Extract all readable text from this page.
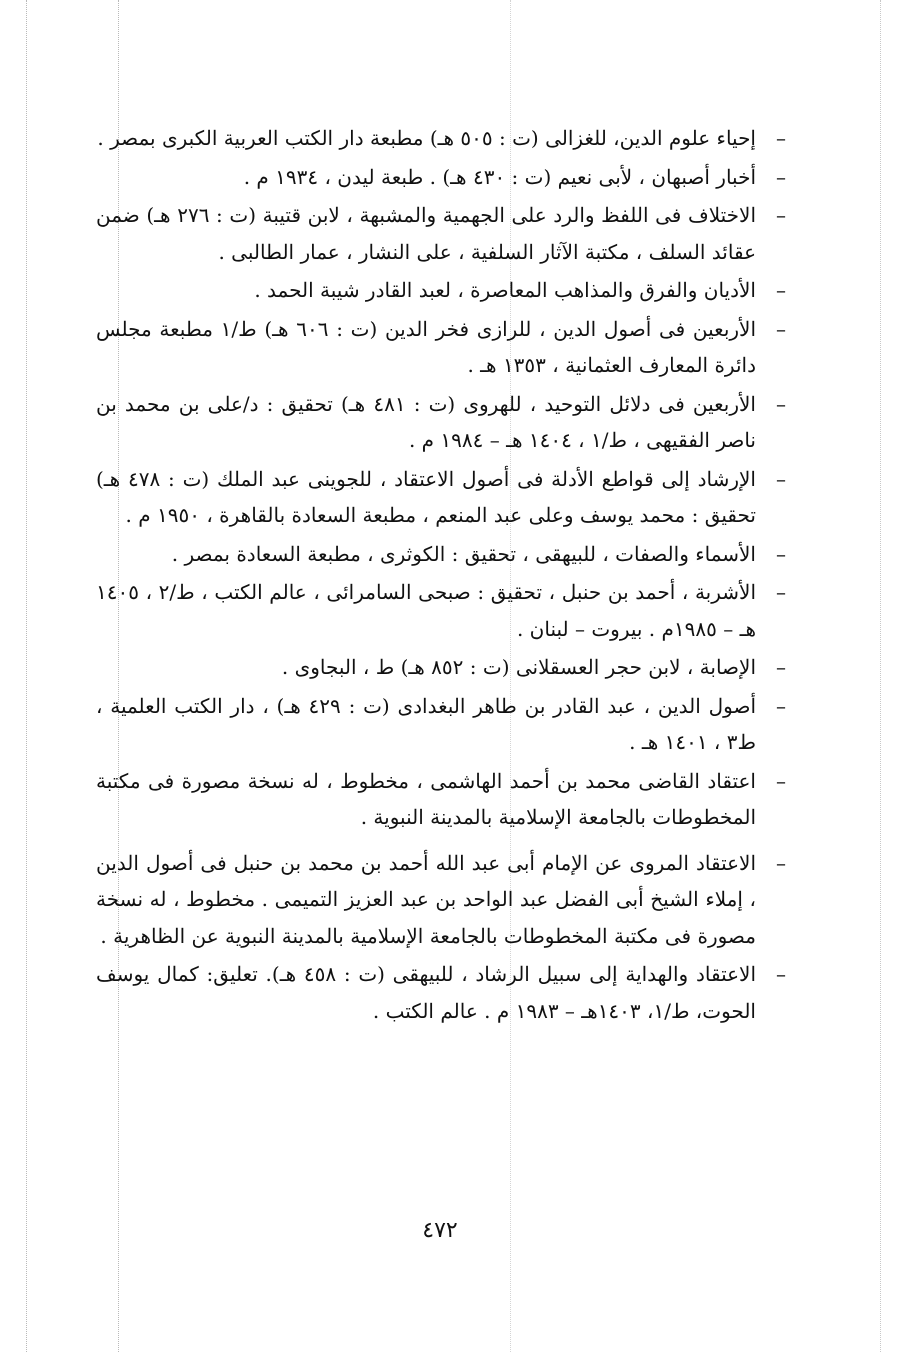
–
إحياء علوم الدين، للغزالى (ت : ٥٠٥ هـ) مطبعة دار الكتب العربية الكبرى بمصر .
–
أخبار أصبهان ، لأبى نعيم (ت : ٤٣٠ هـ) . طبعة ليدن ، ١٩٣٤ م .
–
الاختلاف فى اللفظ والرد على الجهمية والمشبهة ، لابن قتيبة (ت : ٢٧٦ هـ) ضمن عقائد السلف ، مكتبة الآثار السلفية ، على النشار ، عمار الطالبى .
–
الأديان والفرق والمذاهب المعاصرة ، لعبد القادر شيبة الحمد .
–
الأربعين فى أصول الدين ، للرازى فخر الدين (ت : ٦٠٦ هـ) ط/١ مطبعة مجلس دائرة المعارف العثمانية ، ١٣٥٣ هـ .
–
الأربعين فى دلائل التوحيد ، للهروى (ت : ٤٨١ هـ) تحقيق : د/على بن محمد بن ناصر الفقيهى ، ط/١ ، ١٤٠٤ هـ – ١٩٨٤ م .
–
الإرشاد إلى قواطع الأدلة فى أصول الاعتقاد ، للجوينى عبد الملك (ت : ٤٧٨ هـ) تحقيق : محمد يوسف وعلى عبد المنعم ، مطبعة السعادة بالقاهرة ، ١٩٥٠ م .
–
الأسماء والصفات ، للبيهقى ، تحقيق : الكوثرى ، مطبعة السعادة بمصر .
–
الأشربة ، أحمد بن حنبل ، تحقيق : صبحى السامرائى ، عالم الكتب ، ط/٢ ، ١٤٠٥ هـ – ١٩٨٥م . بيروت – لبنان .
–
الإصابة ، لابن حجر العسقلانى (ت : ٨٥٢ هـ) ط ، البجاوى .
–
أصول الدين ، عبد القادر بن طاهر البغدادى (ت : ٤٢٩ هـ) ، دار الكتب العلمية ، ط٣ ، ١٤٠١ هـ .
–
اعتقاد القاضى محمد بن أحمد الهاشمى ، مخطوط ، له نسخة مصورة فى مكتبة المخطوطات بالجامعة الإسلامية بالمدينة النبوية .
–
الاعتقاد المروى عن الإمام أبى عبد الله أحمد بن محمد بن حنبل فى أصول الدين ، إملاء الشيخ أبى الفضل عبد الواحد بن عبد العزيز التميمى . مخطوط ، له نسخة مصورة فى مكتبة المخطوطات بالجامعة الإسلامية بالمدينة النبوية عن الظاهرية .
–
الاعتقاد والهداية إلى سبيل الرشاد ، للبيهقى (ت : ٤٥٨ هـ). تعليق: كمال يوسف الحوت، ط/١، ١٤٠٣هـ – ١٩٨٣ م . عالم الكتب .
٤٧٢
